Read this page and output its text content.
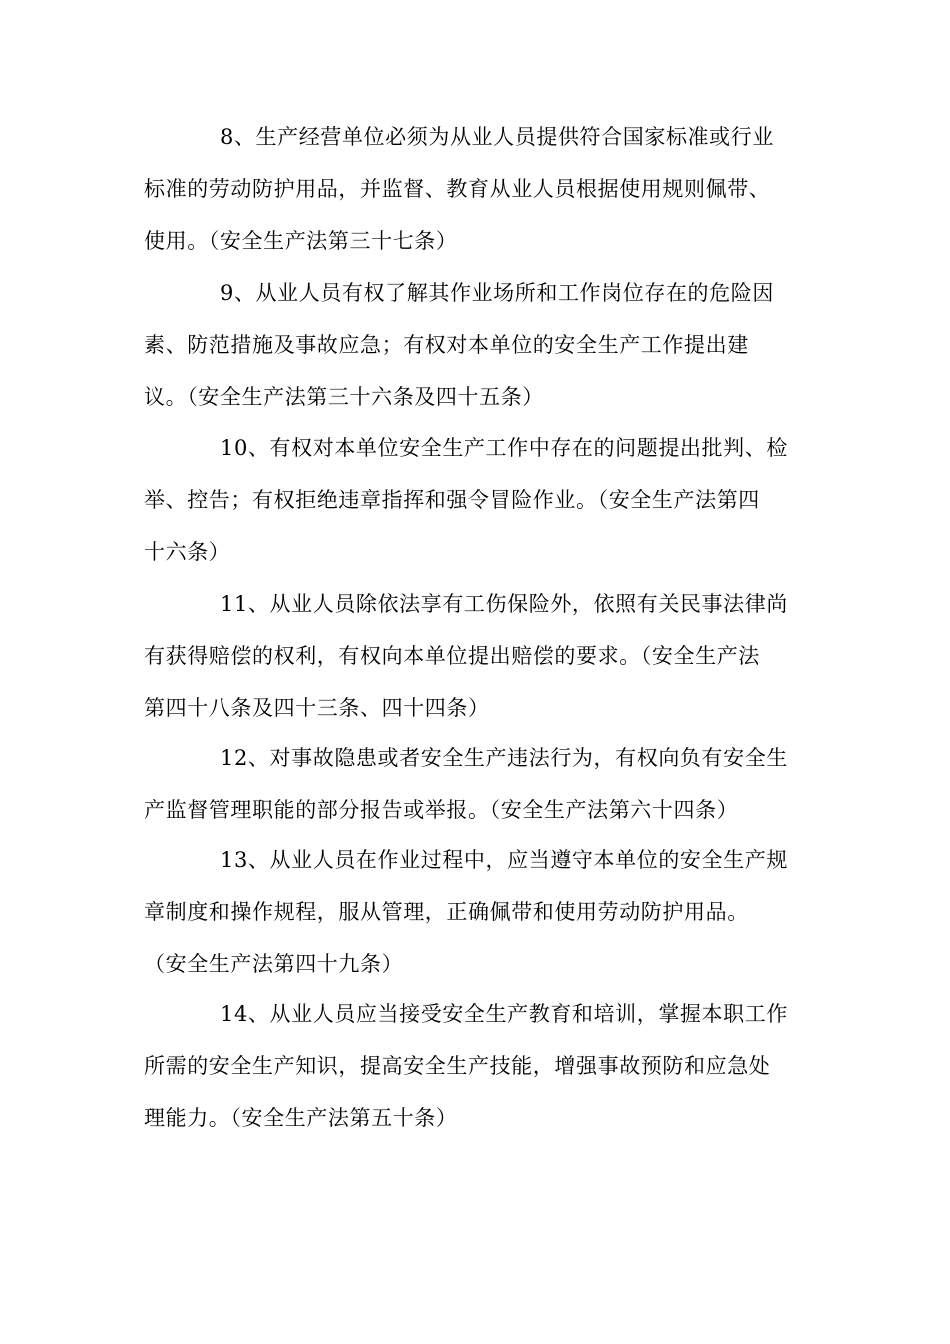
8、生产经营单位必须为从业人员提供符合国家标准或行业
标准的劳动防护用品，并监督、教育从业人员根据使用规则佩带、
使用。（安全生产法第三十七条）
9、从业人员有权了解其作业场所和工作岗位存在的危险因
素、防范措施及事故应急；有权对本单位的安全生产工作提出建
议。（安全生产法第三十六条及四十五条）
10、有权对本单位安全生产工作中存在的问题提出批判、检
举、控告；有权拒绝违章指挥和强令冒险作业。（安全生产法第四
十六条）
11、从业人员除依法享有工伤保险外，依照有关民事法律尚
有获得赔偿的权利，有权向本单位提出赔偿的要求。（安全生产法
第四十八条及四十三条、四十四条）
12、对事故隐患或者安全生产违法行为，有权向负有安全生
产监督管理职能的部分报告或举报。（安全生产法第六十四条）
13、从业人员在作业过程中，应当遵守本单位的安全生产规
章制度和操作规程，服从管理，正确佩带和使用劳动防护用品。
（安全生产法第四十九条）
14、从业人员应当接受安全生产教育和培训，掌握本职工作
所需的安全生产知识，提高安全生产技能，增强事故预防和应急处
理能力。（安全生产法第五十条）
